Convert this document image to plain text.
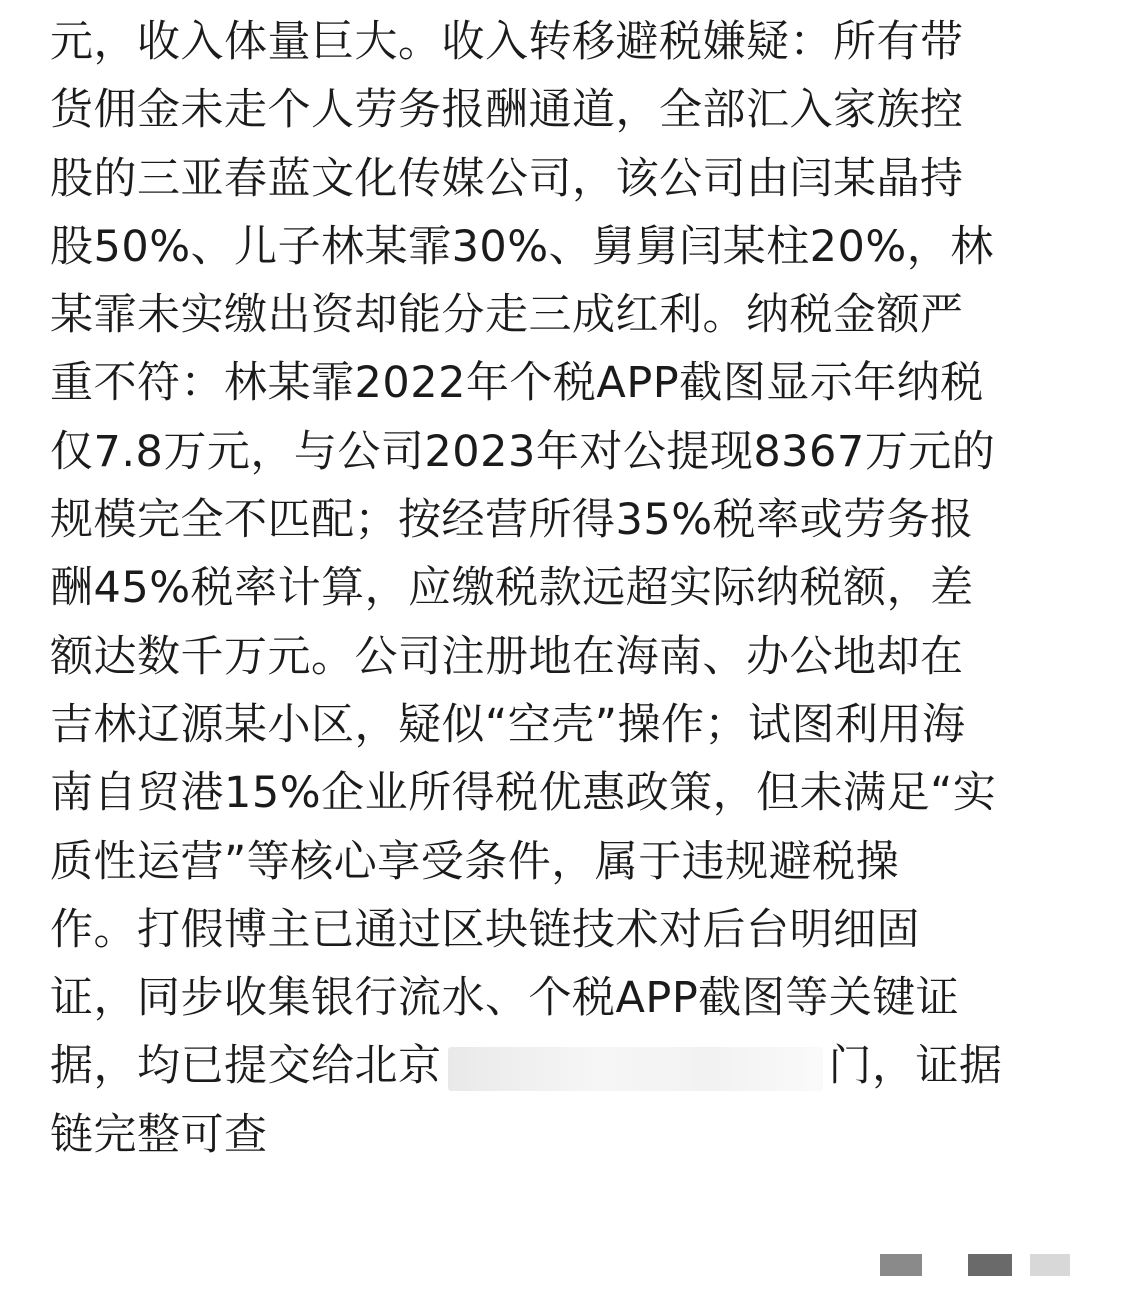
元，收入体量巨大。收入转移避税嫌疑：所有带
货佣金未走个人劳务报酬通道，全部汇入家族控
股的三亚春蓝文化传媒公司，该公司由闫某晶持
股50%、儿子林某霏30%、舅舅闫某柱20%，林
某霏未实缴出资却能分走三成红利。纳税金额严
重不符：林某霏2022年个税APP截图显示年纳税
仅7.8万元，与公司2023年对公提现8367万元的
规模完全不匹配；按经营所得35%税率或劳务报
酬45%税率计算，应缴税款远超实际纳税额，差
额达数千万元。公司注册地在海南、办公地却在
吉林辽源某小区，疑似“空壳”操作；试图利用海
南自贸港15%企业所得税优惠政策，但未满足“实
质性运营”等核心享受条件，属于违规避税操
作。打假博主已通过区块链技术对后台明细固
证，同步收集银行流水、个税APP截图等关键证
据，均已提交给北京	门，证据
链完整可查
